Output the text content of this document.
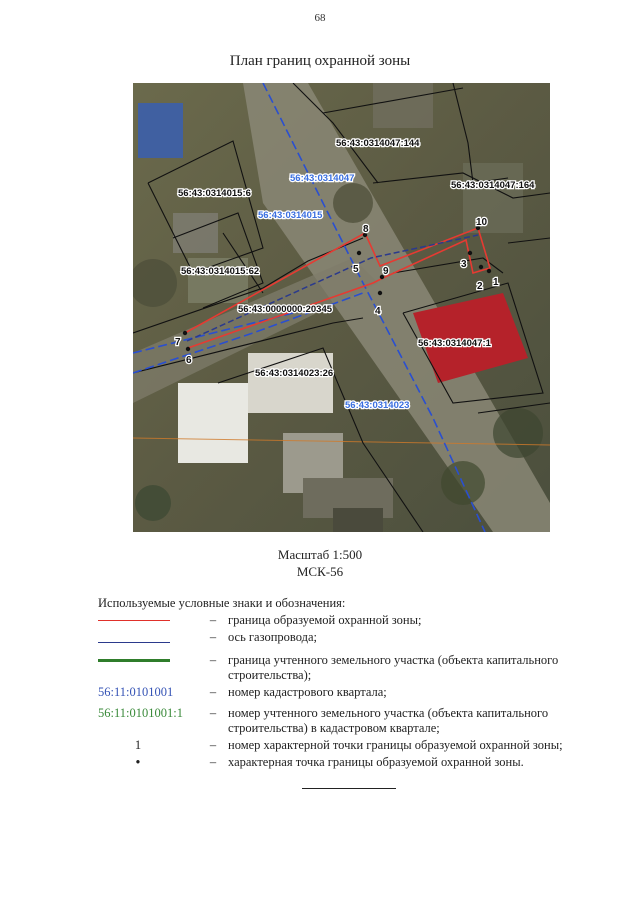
68
План границ охранной зоны
1
2
3
4
5
6
7
8
9
10
56:43:0314047
56:43:0314015
56:43:0314023
56:43:0314047:144
56:43:0314047:164
56:43:0314015:6
56:43:0314015:62
56:43:0000000:20345
56:43:0314047:1
56:43:0314023:26
Масштаб 1:500
МСК-56
Используемые условные знаки и обозначения:
– граница образуемой охранной зоны;
– ось газопровода;
– граница учтенного земельного участка (объекта капитального строительства);
56:11:0101001	– номер кадастрового квартала;
56:11:0101001:1	– номер учтенного земельного участка (объекта капитального строительства) в кадастровом квартале;
1	– номер характерной точки границы образуемой охранной зоны;
•	– характерная точка границы образуемой охранной зоны.
